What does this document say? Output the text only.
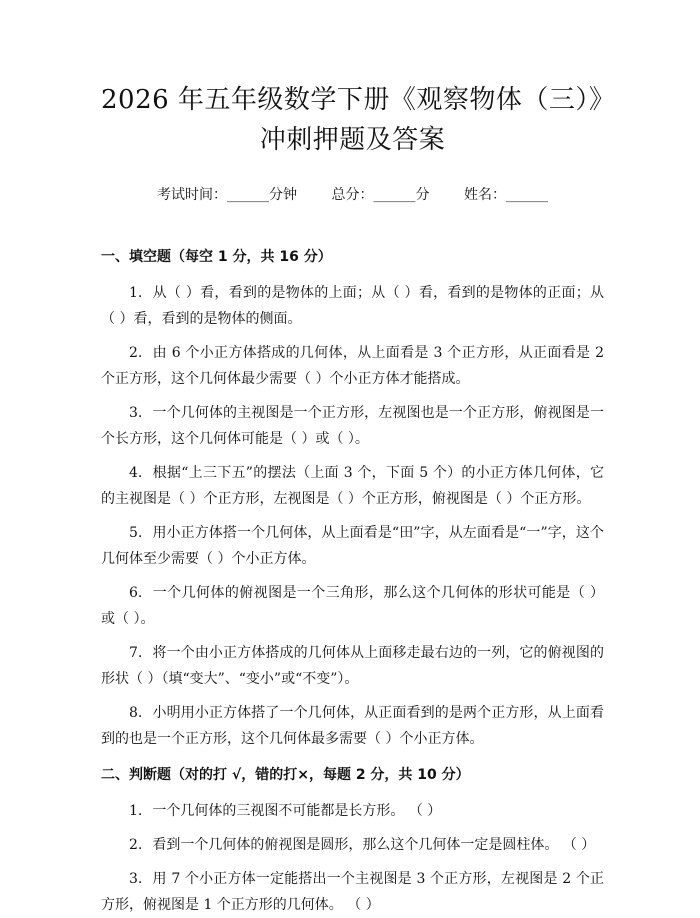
2026 年五年级数学下册《观察物体（三）》
冲刺押题及答案
考试时间：______分钟 总分：______分 姓名：______
一、填空题（每空 1 分，共 16 分）

1. 从（ ）看，看到的是物体的上面；从（ ）看，看到的是物体的正面；从（ ）看，看到的是物体的侧面。

2. 由 6 个小正方体搭成的几何体，从上面看是 3 个正方形，从正面看是 2 个正方形，这个几何体最少需要（ ）个小正方体才能搭成。

3. 一个几何体的主视图是一个正方形，左视图也是一个正方形，俯视图是一个长方形，这个几何体可能是（ ）或（ ）。

4. 根据“上三下五”的摆法（上面 3 个，下面 5 个）的小正方体几何体，它的主视图是（ ）个正方形，左视图是（ ）个正方形，俯视图是（ ）个正方形。

5. 用小正方体搭一个几何体，从上面看是“田”字，从左面看是“一”字，这个几何体至少需要（ ）个小正方体。

6. 一个几何体的俯视图是一个三角形，那么这个几何体的形状可能是（ ）或（ ）。

7. 将一个由小正方体搭成的几何体从上面移走最右边的一列，它的俯视图的形状（ ）（填“变大”、“变小”或“不变”）。

8. 小明用小正方体搭了一个几何体，从正面看到的是两个正方形，从上面看到的也是一个正方形，这个几何体最多需要（ ）个小正方体。

二、判断题（对的打 √，错的打×，每题 2 分，共 10 分）

1. 一个几何体的三视图不可能都是长方形。 （ ）

2. 看到一个几何体的俯视图是圆形，那么这个几何体一定是圆柱体。 （ ）

3. 用 7 个小正方体一定能搭出一个主视图是 3 个正方形，左视图是 2 个正方形，俯视图是 1 个正方形的几何体。 （ ）
